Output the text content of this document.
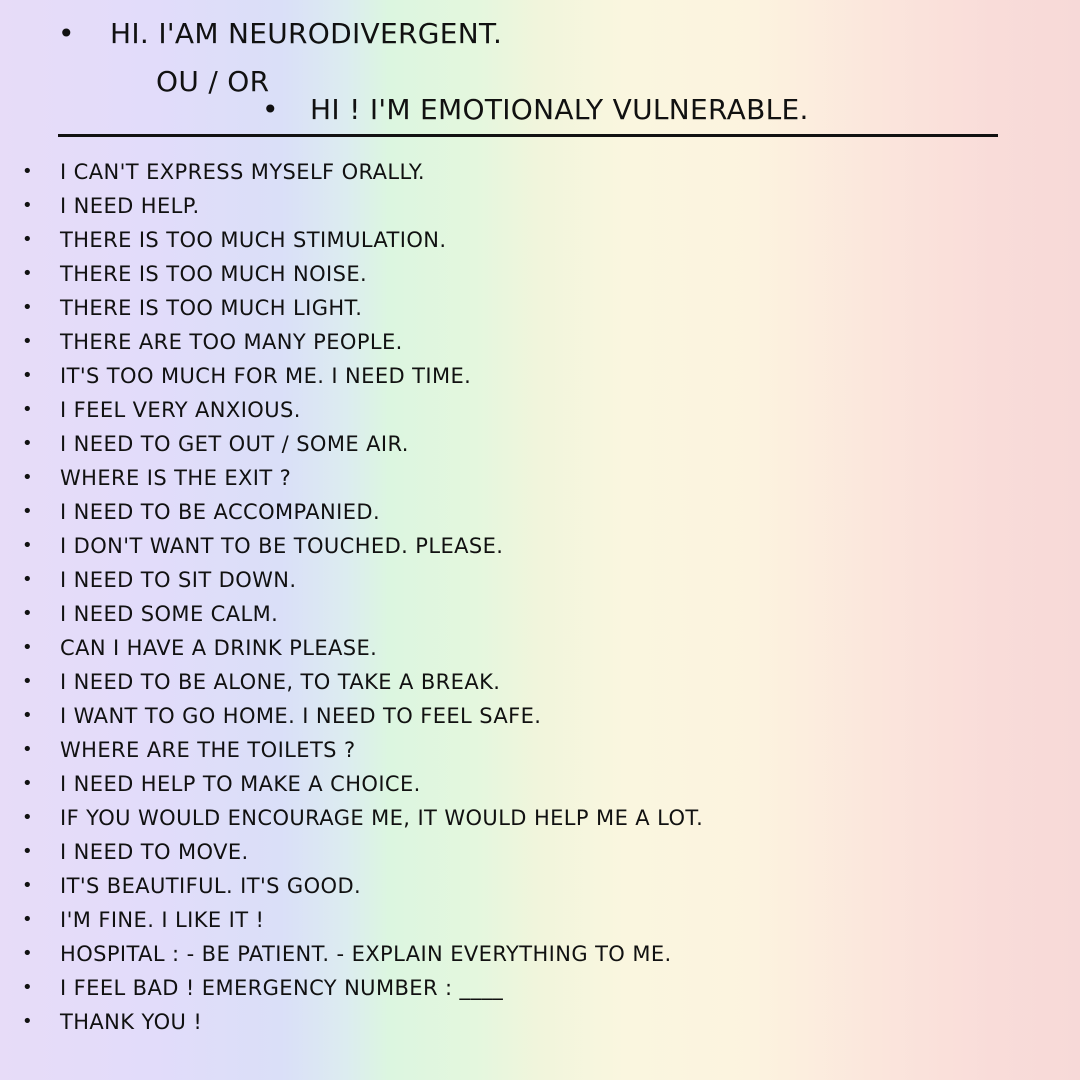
• HI. I'AM NEURODIVERGENT.
OU / OR
• HI ! I'M EMOTIONALY VULNERABLE.
• I CAN'T EXPRESS MYSELF ORALLY.
• I NEED HELP.
• THERE IS TOO MUCH STIMULATION.
• THERE IS TOO MUCH NOISE.
• THERE IS TOO MUCH LIGHT.
• THERE ARE TOO MANY PEOPLE.
• IT'S TOO MUCH FOR ME. I NEED TIME.
• I FEEL VERY ANXIOUS.
• I NEED TO GET OUT / SOME AIR.
• WHERE IS THE EXIT ?
• I NEED TO BE ACCOMPANIED.
• I DON'T WANT TO BE TOUCHED. PLEASE.
• I NEED TO SIT DOWN.
• I NEED SOME CALM.
• CAN I HAVE A DRINK PLEASE.
• I NEED TO BE ALONE, TO TAKE A BREAK.
• I WANT TO GO HOME. I NEED TO FEEL SAFE.
• WHERE ARE THE TOILETS ?
• I NEED HELP TO MAKE A CHOICE.
• IF YOU WOULD ENCOURAGE ME, IT WOULD HELP ME A LOT.
• I NEED TO MOVE.
• IT'S BEAUTIFUL. IT'S GOOD.
• I'M FINE. I LIKE IT !
• HOSPITAL : - BE PATIENT. - EXPLAIN EVERYTHING TO ME.
• I FEEL BAD ! EMERGENCY NUMBER : ____
• THANK YOU !
